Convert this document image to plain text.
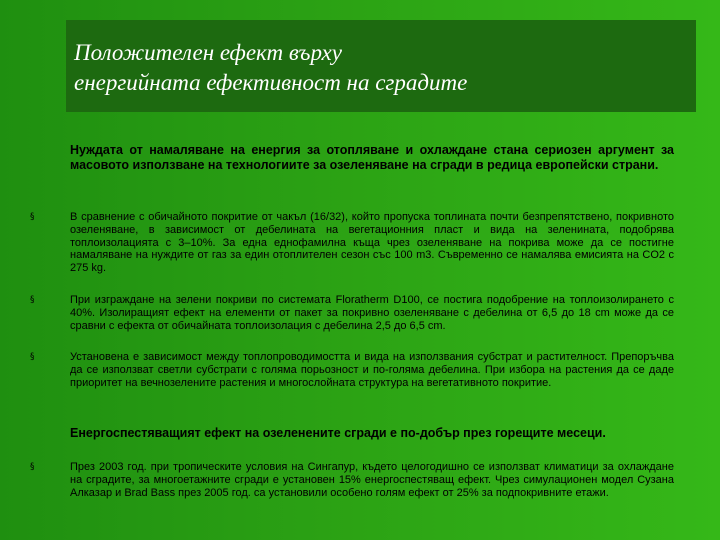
Положителен ефект върху
енергийната ефективност на сградите
Нуждата от намаляване на енергия за отопляване и охлаждане стана сериозен аргумент за масовото използване на технологиите за озеленяване на сгради в редица европейски страни.
§	В сравнение с обичайното покритие от чакъл (16/32), който пропуска топлината почти безпрепятствено, покривното озеленяване, в зависимост от дебелината на вегетационния пласт и вида на зеленината, подобрява топлоизолацията с 3–10%. За една еднофамилна къща чрез озеленяване на покрива може да се постигне намаляване на нуждите от газ за един отоплителен сезон със 100 m3. Съвременно се намалява емисията на CO2 с 275 kg.
§	При изграждане на зелени покриви по системата Floratherm D100, се постига подобрение на топлоизолирането с 40%. Изолиращият ефект на елементи от пакет за покривно озеленяване с дебелина от 6,5 до 18 cm може да се сравни с ефекта от обичайната топлоизолация с дебелина 2,5 до 6,5 cm.
§	Установена е зависимост между топлопроводимостта и вида на използвания субстрат и растителност. Препоръчва да се използват светли субстрати с голяма порьозност и по-голяма дебелина. При избора на растения да се даде приоритет на вечнозелените растения и многослойната структура на вегетативното покритие.
Енергоспестяващият ефект на озеленените сгради е по-добър през горещите месеци.
§	През 2003 год. при тропическите условия на Сингапур, където целогодишно се използват климатици за охлаждане на сградите, за многоетажните сгради е установен 15% енергоспестяващ ефект. Чрез симулационен модел Сузана Алказар и Brad Bass през 2005 год. са установили особено голям ефект от 25% за подпокривните етажи.
